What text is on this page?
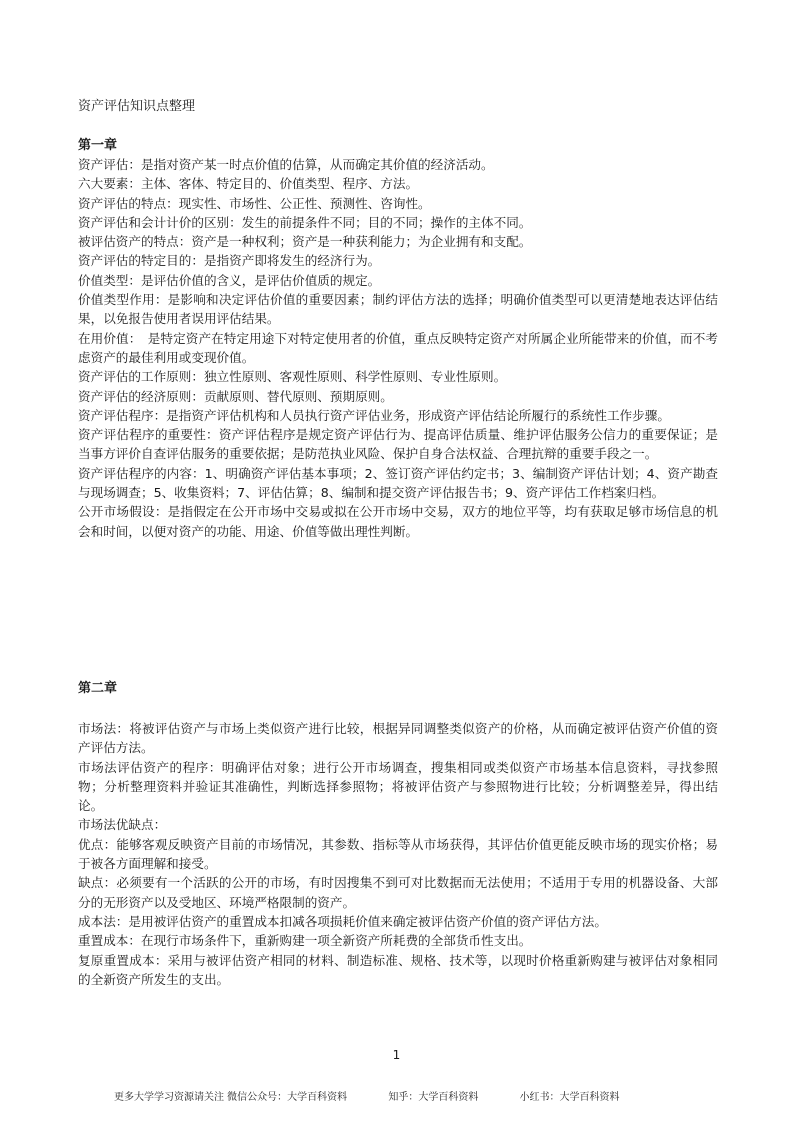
资产评估知识点整理
第一章

资产评估：是指对资产某一时点价值的估算，从而确定其价值的经济活动。

六大要素：主体、客体、特定目的、价值类型、程序、方法。

资产评估的特点：现实性、市场性、公正性、预测性、咨询性。

资产评估和会计计价的区别：发生的前提条件不同；目的不同；操作的主体不同。

被评估资产的特点：资产是一种权利；资产是一种获利能力；为企业拥有和支配。

资产评估的特定目的：是指资产即将发生的经济行为。

价值类型：是评估价值的含义，是评估价值质的规定。

价值类型作用：是影响和决定评估价值的重要因素；制约评估方法的选择；明确价值类型可以更清楚地表达评估结果，以免报告使用者误用评估结果。

在用价值：　是特定资产在特定用途下对特定使用者的价值，重点反映特定资产对所属企业所能带来的价值，而不考虑资产的最佳利用或变现价值。

资产评估的工作原则：独立性原则、客观性原则、科学性原则、专业性原则。

资产评估的经济原则：贡献原则、替代原则、预期原则。

资产评估程序：是指资产评估机构和人员执行资产评估业务，形成资产评估结论所履行的系统性工作步骤。

资产评估程序的重要性：资产评估程序是规定资产评估行为、提高评估质量、维护评估服务公信力的重要保证；是当事方评价自查评估服务的重要依据；是防范执业风险、保护自身合法权益、合理抗辩的重要手段之一。

资产评估程序的内容：1、明确资产评估基本事项；2、签订资产评估约定书；3、编制资产评估计划；4、资产勘查与现场调查；5、收集资料；7、评估估算；8、编制和提交资产评估报告书；9、资产评估工作档案归档。

公开市场假设：是指假定在公开市场中交易或拟在公开市场中交易，双方的地位平等，均有获取足够市场信息的机会和时间，以便对资产的功能、用途、价值等做出理性判断。

第二章

市场法：将被评估资产与市场上类似资产进行比较，根据异同调整类似资产的价格，从而确定被评估资产价值的资产评估方法。

市场法评估资产的程序：明确评估对象；进行公开市场调查，搜集相同或类似资产市场基本信息资料，寻找参照物；分析整理资料并验证其准确性，判断选择参照物；将被评估资产与参照物进行比较；分析调整差异，得出结论。

市场法优缺点：

优点：能够客观反映资产目前的市场情况，其参数、指标等从市场获得，其评估价值更能反映市场的现实价格；易于被各方面理解和接受。

缺点：必须要有一个活跃的公开的市场，有时因搜集不到可对比数据而无法使用；不适用于专用的机器设备、大部分的无形资产以及受地区、环境严格限制的资产。

成本法：是用被评估资产的重置成本扣减各项损耗价值来确定被评估资产价值的资产评估方法。

重置成本：在现行市场条件下，重新购建一项全新资产所耗费的全部货币性支出。

复原重置成本：采用与被评估资产相同的材料、制造标准、规格、技术等，以现时价格重新购建与被评估对象相同的全新资产所发生的支出。

1
更多大学学习资源请关注 微信公众号：大学百科资料	知乎：大学百科资料	小红书：大学百科资料
